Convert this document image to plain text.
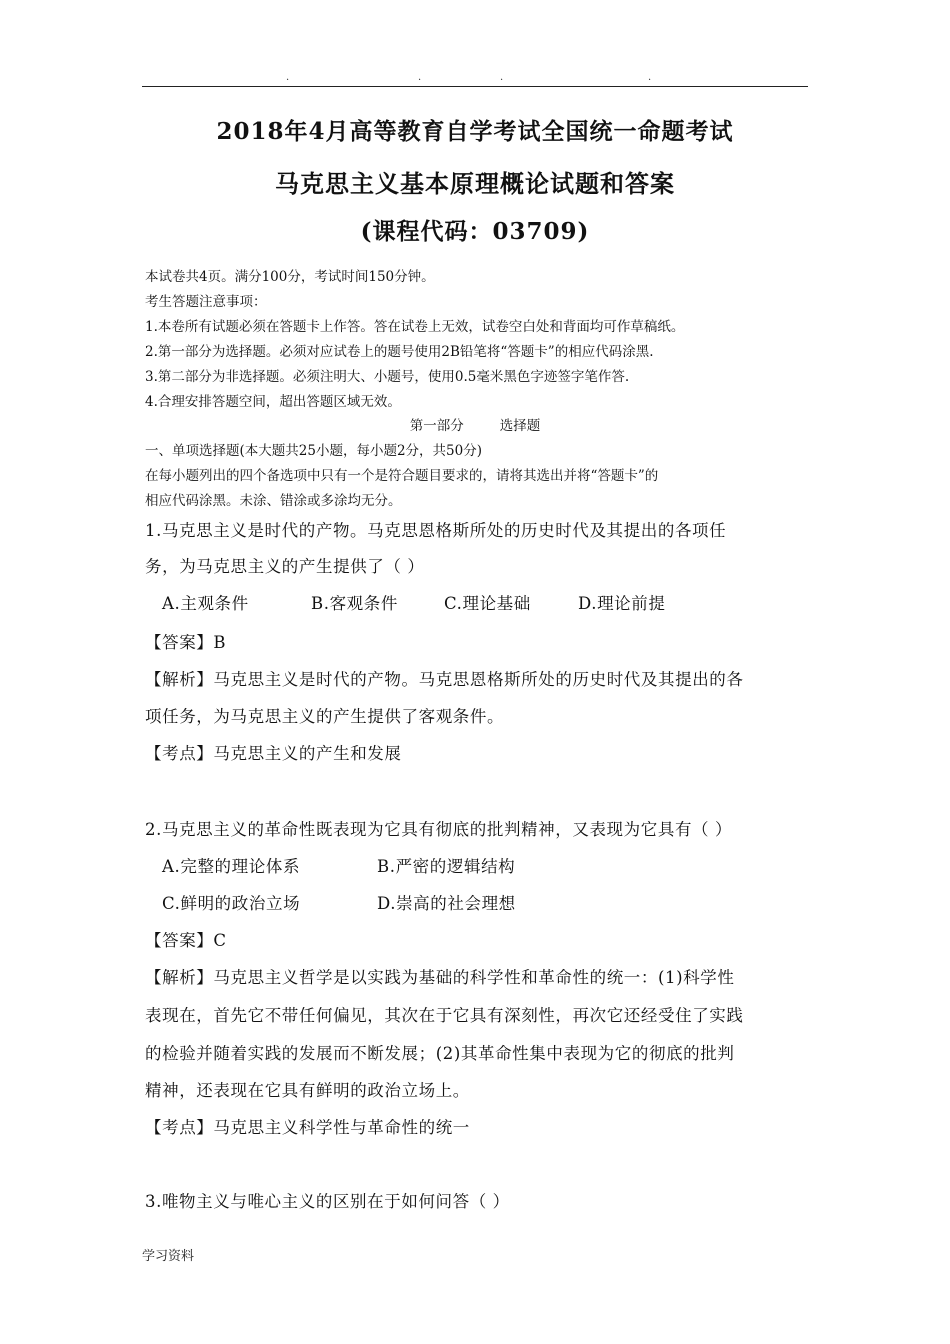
.	.	.	.
2018年4月高等教育自学考试全国统一命题考试
马克思主义基本原理概论试题和答案
(课程代码：03709)
本试卷共4页。满分100分，考试时间150分钟。
考生答题注意事项：
1.本卷所有试题必须在答题卡上作答。答在试卷上无效，试卷空白处和背面均可作草稿纸。
2.第一部分为选择题。必须对应试卷上的题号使用2B铅笔将“答题卡”的相应代码涂黑.
3.第二部分为非选择题。必须注明大、小题号，使用0.5毫米黑色字迹签字笔作答.
4.合理安排答题空间，超出答题区域无效。
第一部分	选择题
一、单项选择题(本大题共25小题，每小题2分，共50分)
在每小题列出的四个备选项中只有一个是符合题目要求的，请将其选出并将“答题卡”的
相应代码涂黑。未涂、错涂或多涂均无分。
1.马克思主义是时代的产物。马克思恩格斯所处的历史时代及其提出的各项任
务，为马克思主义的产生提供了（ ）
A.主观条件	B.客观条件	C.理论基础	D.理论前提
【答案】B
【解析】马克思主义是时代的产物。马克思恩格斯所处的历史时代及其提出的各
项任务，为马克思主义的产生提供了客观条件。
【考点】马克思主义的产生和发展
2.马克思主义的革命性既表现为它具有彻底的批判精神，又表现为它具有（ ）
A.完整的理论体系	B.严密的逻辑结构
C.鲜明的政治立场	D.崇高的社会理想
【答案】C
【解析】马克思主义哲学是以实践为基础的科学性和革命性的统一：(1)科学性
表现在，首先它不带任何偏见，其次在于它具有深刻性，再次它还经受住了实践
的检验并随着实践的发展而不断发展；(2)其革命性集中表现为它的彻底的批判
精神，还表现在它具有鲜明的政治立场上。
【考点】马克思主义科学性与革命性的统一
3.唯物主义与唯心主义的区别在于如何问答（ ）
学习资料
